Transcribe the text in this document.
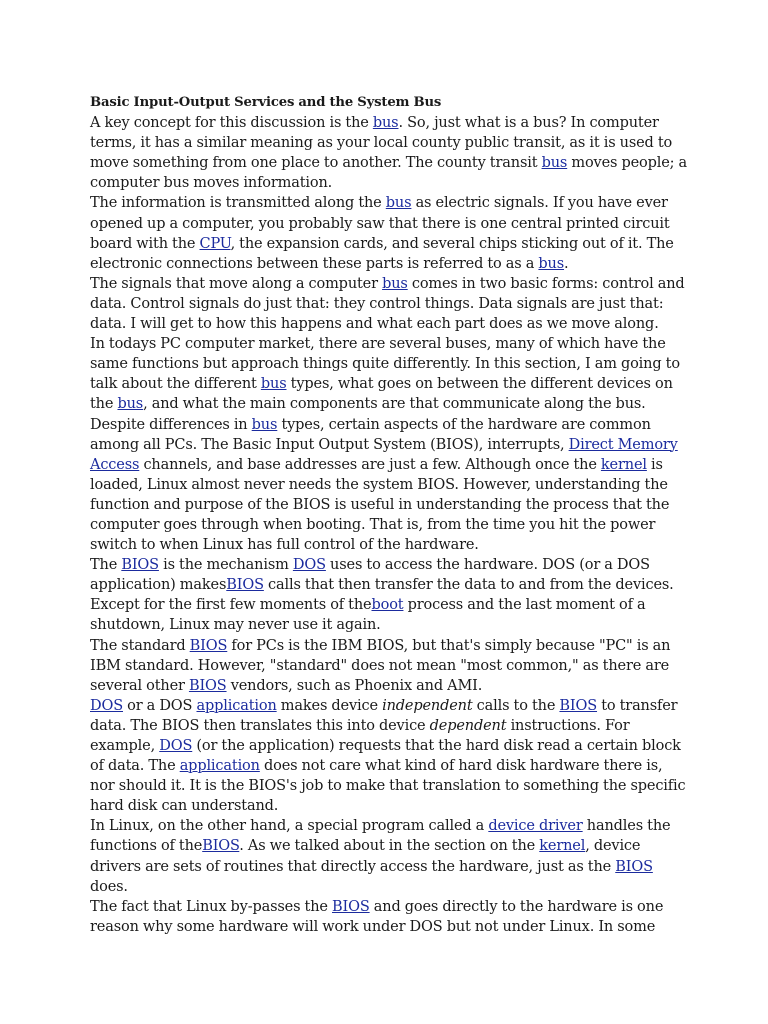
Basic Input-Output Services and the System Bus

A key concept for this discussion is the bus. So, just what is a bus? In computer terms, it has a similar meaning as your local county public transit, as it is used to move something from one place to another. The county transit bus moves people; a computer bus moves information.

The information is transmitted along the bus as electric signals. If you have ever opened up a computer, you probably saw that there is one central printed circuit board with the CPU, the expansion cards, and several chips sticking out of it. The electronic connections between these parts is referred to as a bus.

The signals that move along a computer bus comes in two basic forms: control and data. Control signals do just that: they control things. Data signals are just that: data. I will get to how this happens and what each part does as we move along.

In todays PC computer market, there are several buses, many of which have the same functions but approach things quite differently. In this section, I am going to talk about the different bus types, what goes on between the different devices on the bus, and what the main components are that communicate along the bus.

Despite differences in bus types, certain aspects of the hardware are common among all PCs. The Basic Input Output System (BIOS), interrupts, Direct Memory Access channels, and base addresses are just a few. Although once the kernel is loaded, Linux almost never needs the system BIOS. However, understanding the function and purpose of the BIOS is useful in understanding the process that the computer goes through when booting. That is, from the time you hit the power switch to when Linux has full control of the hardware.

The BIOS is the mechanism DOS uses to access the hardware. DOS (or a DOS application) makesBIOS calls that then transfer the data to and from the devices. Except for the first few moments of theboot process and the last moment of a shutdown, Linux may never use it again.

The standard BIOS for PCs is the IBM BIOS, but that's simply because "PC" is an IBM standard. However, "standard" does not mean "most common," as there are several other BIOS vendors, such as Phoenix and AMI.

DOS or a DOS application makes device independent calls to the BIOS to transfer data. The BIOS then translates this into device dependent instructions. For example, DOS (or the application) requests that the hard disk read a certain block of data. The application does not care what kind of hard disk hardware there is, nor should it. It is the BIOS's job to make that translation to something the specific hard disk can understand.

In Linux, on the other hand, a special program called a device driver handles the functions of theBIOS. As we talked about in the section on the kernel, device drivers are sets of routines that directly access the hardware, just as the BIOS does.

The fact that Linux by-passes the BIOS and goes directly to the hardware is one reason why some hardware will work under DOS but not under Linux. In some
